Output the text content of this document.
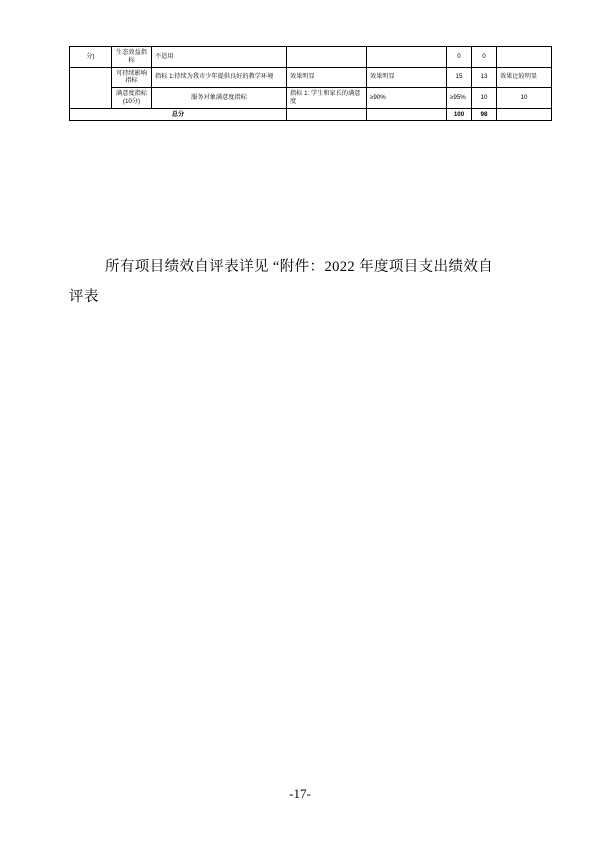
分)	生态效益指标	不适用			0	0	
	可持续影响指标	指标 1:持续为我市少年提供良好的教学环境	效果明显	效果明显	15	13	效果比较明显
	满意度指标(10分)	服务对象满意度指标	指标 1: 学生和家长的满意度	≥90%	≥95%	10	10
总分					100	98	
所有项目绩效自评表详见 “附件：2022 年度项目支出绩效自
评表
-17-
